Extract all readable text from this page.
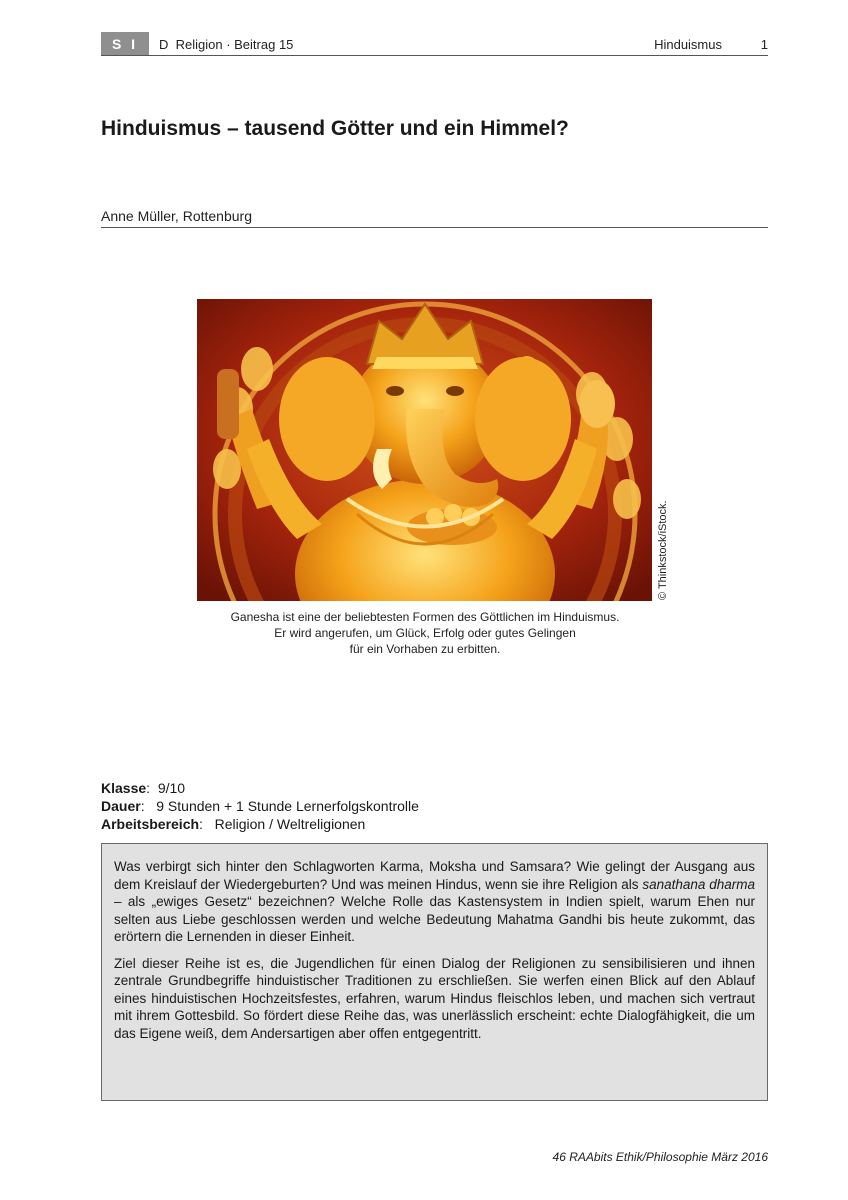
S I	D  Religion · Beitrag 15	Hinduismus	1
Hinduismus – tausend Götter und ein Himmel?
Anne Müller, Rottenburg
© Thinkstock/iStock.
Ganesha ist eine der beliebtesten Formen des Göttlichen im Hinduismus.
Er wird angerufen, um Glück, Erfolg oder gutes Gelingen
für ein Vorhaben zu erbitten.
Klasse:  9/10
Dauer:   9 Stunden + 1 Stunde Lernerfolgskontrolle
Arbeitsbereich:   Religion / Weltreligionen

Was verbirgt sich hinter den Schlagworten Karma, Moksha und Samsara? Wie gelingt der Ausgang aus dem Kreislauf der Wiedergeburten? Und was meinen Hindus, wenn sie ihre Religion als sanathana dharma – als „ewiges Gesetz“ bezeichnen? Welche Rolle das Kastensystem in Indien spielt, warum Ehen nur selten aus Liebe geschlossen werden und welche Bedeutung Mahatma Gandhi bis heute zukommt, das erörtern die Lernenden in dieser Einheit.

Ziel dieser Reihe ist es, die Jugendlichen für einen Dialog der Religionen zu sensibilisieren und ihnen zentrale Grundbegriffe hinduistischer Traditionen zu erschließen. Sie werfen einen Blick auf den Ablauf eines hinduistischen Hochzeitsfestes, erfahren, warum Hindus fleischlos leben, und machen sich vertraut mit ihrem Gottesbild. So fördert diese Reihe das, was unerlässlich erscheint: echte Dialogfähigkeit, die um das Eigene weiß, dem Andersartigen aber offen entgegentritt.

46 RAAbits Ethik/Philosophie März 2016
